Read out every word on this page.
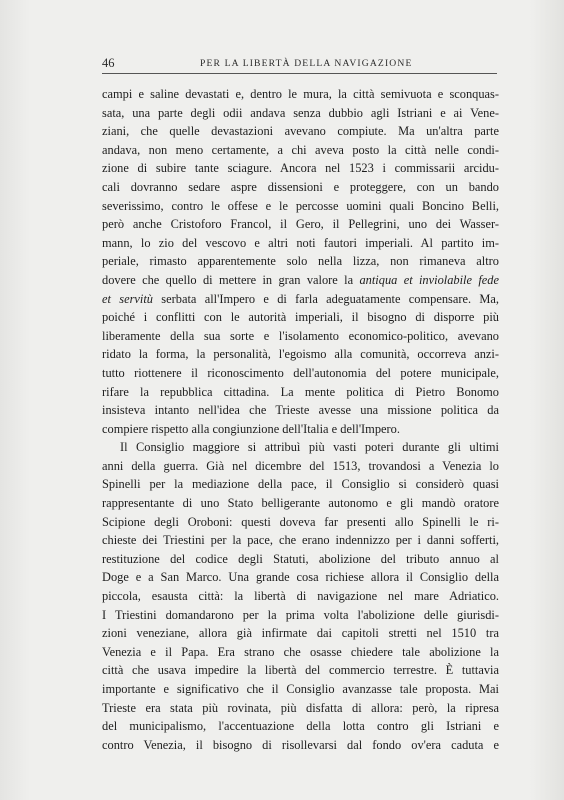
46	PER LA LIBERTÀ DELLA NAVIGAZIONE
campi e saline devastati e, dentro le mura, la città semivuota e sconquas-
sata, una parte degli odii andava senza dubbio agli Istriani e ai Vene-
ziani, che quelle devastazioni avevano compiute. Ma un'altra parte
andava, non meno certamente, a chi aveva posto la città nelle condi-
zione di subire tante sciagure. Ancora nel 1523 i commissarii arcidu-
cali dovranno sedare aspre dissensioni e proteggere, con un bando
severissimo, contro le offese e le percosse uomini quali Boncino Belli,
però anche Cristoforo Francol, il Gero, il Pellegrini, uno dei Wasser-
mann, lo zio del vescovo e altri noti fautori imperiali. Al partito im-
periale, rimasto apparentemente solo nella lizza, non rimaneva altro
dovere che quello di mettere in gran valore la antiqua et inviolabile fede
et servitù serbata all'Impero e di farla adeguatamente compensare. Ma,
poiché i conflitti con le autorità imperiali, il bisogno di disporre più
liberamente della sua sorte e l'isolamento economico-politico, avevano
ridato la forma, la personalità, l'egoismo alla comunità, occorreva anzi-
tutto riottenere il riconoscimento dell'autonomia del potere municipale,
rifare la repubblica cittadina. La mente politica di Pietro Bonomo
insisteva intanto nell'idea che Trieste avesse una missione politica da
compiere rispetto alla congiunzione dell'Italia e dell'Impero.
Il Consiglio maggiore si attribuì più vasti poteri durante gli ultimi
anni della guerra. Già nel dicembre del 1513, trovandosi a Venezia lo
Spinelli per la mediazione della pace, il Consiglio si considerò quasi
rappresentante di uno Stato belligerante autonomo e gli mandò oratore
Scipione degli Oroboni: questi doveva far presenti allo Spinelli le ri-
chieste dei Triestini per la pace, che erano indennizzo per i danni sofferti,
restituzione del codice degli Statuti, abolizione del tributo annuo al
Doge e a San Marco. Una grande cosa richiese allora il Consiglio della
piccola, esausta città: la libertà di navigazione nel mare Adriatico.
I Triestini domandarono per la prima volta l'abolizione delle giurisdi-
zioni veneziane, allora già infirmate dai capitoli stretti nel 1510 tra
Venezia e il Papa. Era strano che osasse chiedere tale abolizione la
città che usava impedire la libertà del commercio terrestre. È tuttavia
importante e significativo che il Consiglio avanzasse tale proposta. Mai
Trieste era stata più rovinata, più disfatta di allora: però, la ripresa
del municipalismo, l'accentuazione della lotta contro gli Istriani e
contro Venezia, il bisogno di risollevarsi dal fondo ov'era caduta e
